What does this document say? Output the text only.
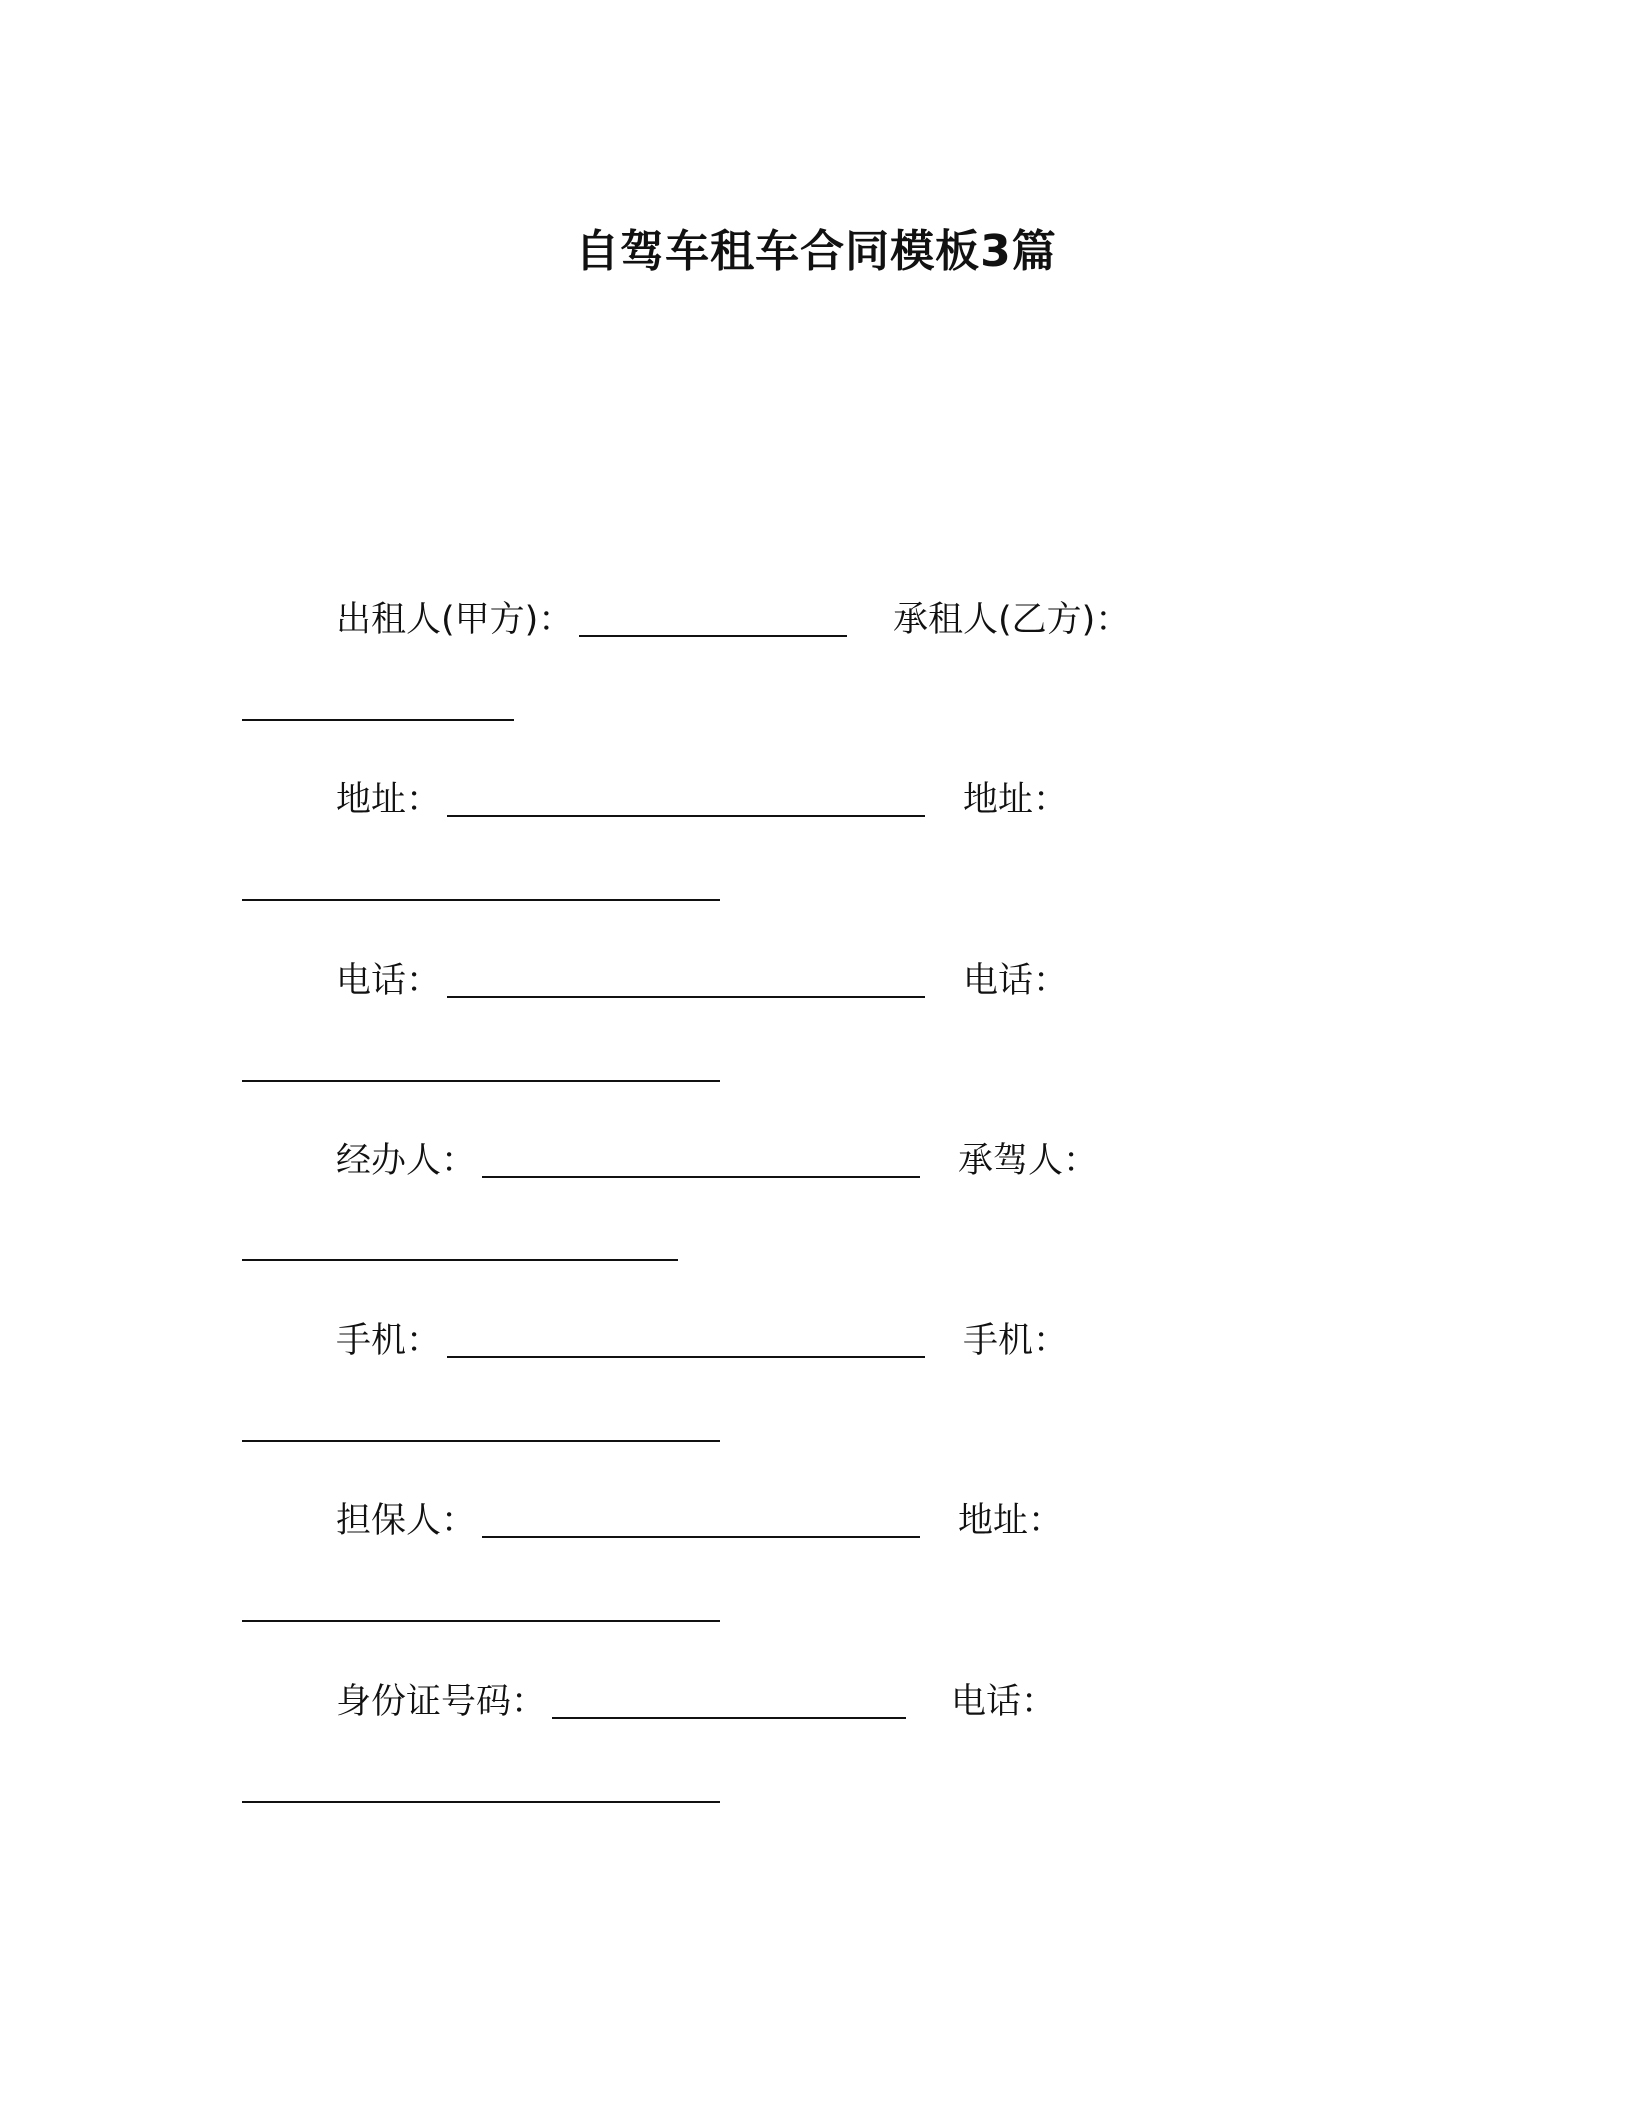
自驾车租车合同模板3篇
出租人(甲方)：	承租人(乙方)：
地址：	地址：
电话：	电话：
经办人：	承驾人：
手机：	手机：
担保人：	地址：
身份证号码：	电话：
